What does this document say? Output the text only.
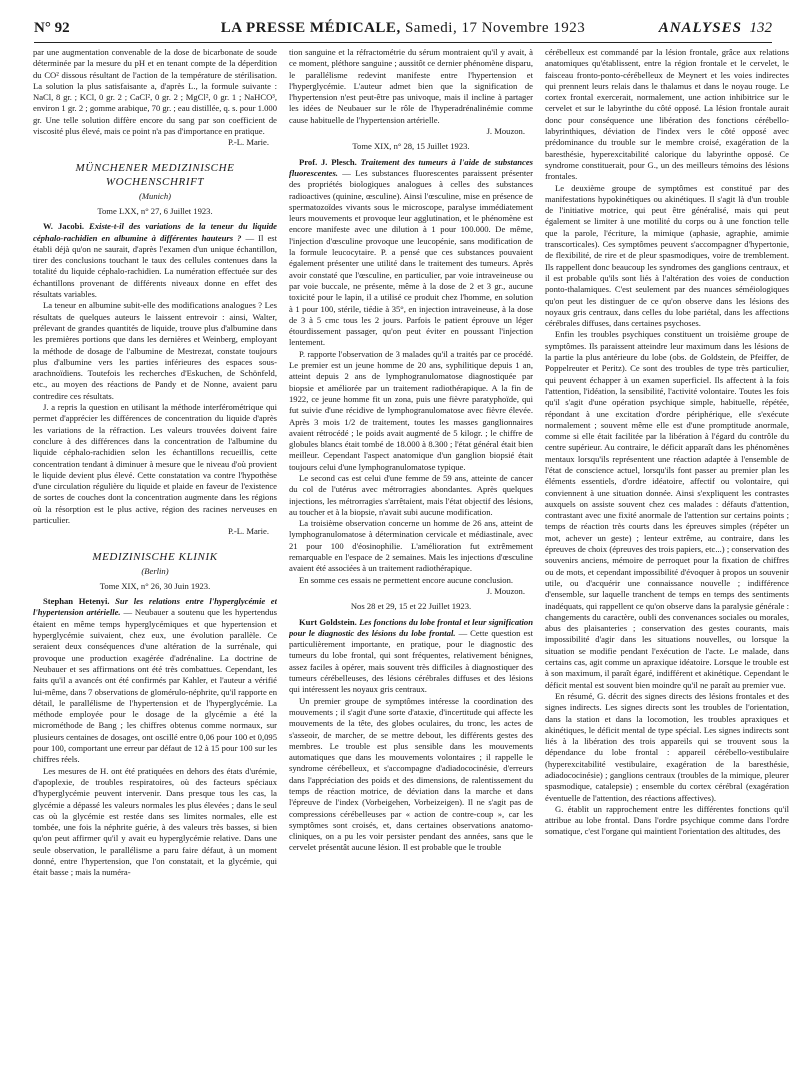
N° 92	LA PRESSE MÉDICALE, Samedi, 17 Novembre 1923	ANALYSES 132

par une augmentation convenable de la dose de bicarbonate de soude déterminée par la mesure du pH et en tenant compte de la déperdition du CO² dissous résultant de l'action de la température de stérilisation. La solution la plus satisfaisante a, d'après L., la formule suivante : NaCl, 8 gr. ; KCl, 0 gr. 2 ; CaCl², 0 gr. 2 ; MgCl², 0 gr. 1 ; NaHCO³, environ 1 gr. 2 ; gomme arabique, 70 gr. ; eau distillée, q. s. pour 1.000 gr. Une telle solution diffère encore du sang par son coefficient de viscosité plus élevé, mais ce point n'a pas d'importance en pratique.

P.-L. Marie.
MÜNCHENER MEDIZINISCHE WOCHENSCHRIFT
(Munich)
Tome LXX, n° 27, 6 Juillet 1923.

W. Jacobi. Existe-t-il des variations de la teneur du liquide céphalo-rachidien en albumine à différentes hauteurs ? — Il est établi déjà qu'on ne saurait, d'après l'examen d'un unique échantillon, tirer des conclusions touchant le taux des cellules contenues dans la totalité du liquide céphalo-rachidien. La numération effectuée sur des échantillons provenant de différents niveaux donne en effet des résultats variables.

La teneur en albumine subit-elle des modifications analogues ? Les résultats de quelques auteurs le laissent entrevoir : ainsi, Walter, prélevant de grandes quantités de liquide, trouve plus d'albumine dans les premières portions que dans les dernières et Weinberg, employant la méthode de dosage de l'albumine de Mestrezat, constate toujours plus d'albumine vers les parties inférieures des espaces sous-arachnoïdiens. Toutefois les recherches d'Eskuchen, de Schönfeld, etc., au moyen des réactions de Pandy et de Nonne, avaient paru contredire ces résultats.

J. a repris la question en utilisant la méthode interférométrique qui permet d'apprécier les différences de concentration du liquide d'après les variations de la réfraction. Les valeurs trouvées doivent faire conclure à des différences dans la concentration de l'albumine du liquide céphalo-rachidien selon les échantillons recueillis, cette concentration tendant à diminuer à mesure que le niveau d'où provient le liquide devient plus élevé. Cette constatation va contre l'hypothèse d'une circulation régulière du liquide et plaide en faveur de l'existence de sortes de couches dont la concentration augmente dans les régions où la résorption est le plus active, région des racines nerveuses en particulier.

P.-L. Marie.
MEDIZINISCHE KLINIK
(Berlin)
Tome XIX, n° 26, 30 Juin 1923.

Stephan Hetenyi. Sur les relations entre l'hyperglycémie et l'hypertension artérielle. — Neubauer a soutenu que les hypertendus étaient en même temps hyperglycémiques et que hypertension et hyperglycémie suivaient, chez eux, une évolution parallèle. Ce seraient deux conséquences d'une altération de la surrénale, qui provoque une production exagérée d'adrénaline. La doctrine de Neubauer et ses affirmations ont été très combattues. Cependant, les faits qu'il a avancés ont été confirmés par Kahler, et l'auteur a vérifié lui-même, dans 7 observations de glomérulo-néphrite, qu'il rapporte en détail, le parallélisme de l'hypertension et de l'hyperglycémie. La méthode employée pour le dosage de la glycémie a été la microméthode de Bang ; les chiffres obtenus comme normaux, sur plusieurs centaines de dosages, ont oscillé entre 0,06 pour 100 et 0,095 pour 100, comportant une erreur par défaut de 12 à 15 pour 100 sur les chiffres réels.

Les mesures de H. ont été pratiquées en dehors des états d'urémie, d'apoplexie, de troubles respiratoires, où des facteurs spéciaux d'hyperglycémie peuvent intervenir. Dans presque tous les cas, la glycémie a dépassé les valeurs normales les plus élevées ; dans le seul cas où la glycémie est restée dans ses limites normales, elle est tombée, une fois la néphrite guérie, à des valeurs très basses, si bien qu'on peut affirmer qu'il y avait eu hyperglycémie relative. Dans une seule observation, le parallélisme a paru faire défaut, à un moment donné, entre l'hypertension, que l'on constatait, et la glycémie, qui était basse ; mais la numéra-

tion sanguine et la réfractométrie du sérum montraient qu'il y avait, à ce moment, pléthore sanguine ; aussitôt ce dernier phénomène disparu, le parallélisme redevint manifeste entre l'hypertension et l'hyperglycémie. L'auteur admet bien que la signification de l'hypertension n'est peut-être pas univoque, mais il incline à partager les idées de Neubauer sur le rôle de l'hyperadrénalinémie comme cause habituelle de l'hypertension artérielle.

J. Mouzon.
Tome XIX, n° 28, 15 Juillet 1923.

Prof. J. Plesch. Traitement des tumeurs à l'aide de substances fluorescentes. — Les substances fluorescentes paraissent présenter des propriétés biologiques analogues à celles des substances radioactives (quinine, œsculine). Ainsi l'œsculine, mise en présence de spermatozoïdes vivants sous le microscope, paralyse immédiatement leurs mouvements et provoque leur agglutination, et le phénomène est encore manifeste avec une dilution à 1 pour 100.000. De même, l'injection d'œsculine provoque une leucopénie, sans modification de la formule leucocytaire. P. a pensé que ces substances pouvaient également présenter une utilité dans le traitement des tumeurs. Après avoir constaté que l'œsculine, en particulier, par voie intraveineuse ou par voie buccale, ne présente, même à la dose de 2 et 3 gr., aucune toxicité pour le lapin, il a utilisé ce produit chez l'homme, en solution à 1 pour 100, stérile, tiédie à 35°, en injection intraveineuse, à la dose de 3 à 5 cmc tous les 2 jours. Parfois le patient éprouve un léger étourdissement passager, qu'on peut éviter en poussant l'injection lentement.

P. rapporte l'observation de 3 malades qu'il a traités par ce procédé. Le premier est un jeune homme de 20 ans, syphilitique depuis 1 an, atteint depuis 2 ans de lymphogranulomatose diagnostiquée par biopsie et améliorée par un traitement radiothérapique. A la fin de 1922, ce jeune homme fit un zona, puis une fièvre paratyphoïde, qui fut suivie d'une récidive de lymphogranulomatose avec fièvre élevée. Après 3 mois 1/2 de traitement, toutes les masses ganglionnaires avaient rétrocédé ; le poids avait augmenté de 5 kilogr. ; le chiffre de globules blancs était tombé de 18.000 à 8.300 ; l'état général était bien meilleur. Cependant l'aspect anatomique d'un ganglion biopsié était toujours celui d'une lymphogranulomatose typique.

Le second cas est celui d'une femme de 59 ans, atteinte de cancer du col de l'utérus avec métrorragies abondantes. Après quelques injections, les métrorragies s'arrêtaient, mais l'état objectif des lésions, au toucher et à la biopsie, n'avait subi aucune modification.

La troisième observation concerne un homme de 26 ans, atteint de lymphogranulomatose à détermination cervicale et médiastinale, avec 21 pour 100 d'éosinophilie. L'amélioration fut extrêmement remarquable en l'espace de 2 semaines. Mais les injections d'œsculine avaient été associées à un traitement radiothérapique.

En somme ces essais ne permettent encore aucune conclusion.

J. Mouzon.
Nos 28 et 29, 15 et 22 Juillet 1923.

Kurt Goldstein. Les fonctions du lobe frontal et leur signification pour le diagnostic des lésions du lobe frontal. — Cette question est particulièrement importante, en pratique, pour le diagnostic des tumeurs du lobe frontal, qui sont fréquentes, relativement bénignes, assez faciles à opérer, mais souvent très difficiles à diagnostiquer des tumeurs cérébelleuses, des lésions cérébrales diffuses et des lésions qui intéressent les noyaux gris centraux.

Un premier groupe de symptômes intéresse la coordination des mouvements ; il s'agit d'une sorte d'ataxie, d'incertitude qui affecte les mouvements de la tête, des globes oculaires, du tronc, les actes de s'asseoir, de marcher, de se mettre debout, les différents gestes des membres. Le trouble est plus sensible dans les mouvements automatiques que dans les mouvements volontaires ; il rappelle le syndrome cérébelleux, et s'accompagne d'adiadococinésie, d'erreurs dans l'appréciation des poids et des dimensions, de ralentissement du temps de réaction motrice, de déviation dans la marche et dans l'épreuve de l'index (Vorbeigehen, Vorbeizeigen). Il ne s'agit pas de compressions cérébelleuses par « action de contre-coup », car les symptômes sont croisés, et, dans certaines observations anatomo-cliniques, on a pu les voir persister pendant des années, sans que le cervelet présentât aucune lésion. Il est probable que le trouble

cérébelleux est commandé par la lésion frontale, grâce aux relations anatomiques qu'établissent, entre la région frontale et le cervelet, le faisceau fronto-ponto-cérébelleux de Meynert et les voies indirectes qui prennent leurs relais dans le thalamus et dans le noyau rouge. Le cortex frontal exercerait, normalement, une action inhibitrice sur le cervelet et sur le labyrinthe du côté opposé. La lésion frontale aurait donc pour conséquence une libération des fonctions cérébello-labyrinthiques, déviation de l'index vers le côté opposé avec prédominance du trouble sur le membre croisé, exagération de la baresthésie, hyperexcitabilité calorique du labyrinthe opposé. Ce syndrome constituerait, pour G., un des meilleurs témoins des lésions frontales.

Le deuxième groupe de symptômes est constitué par des manifestations hypokinétiques ou akinétiques. Il s'agit là d'un trouble de l'initiative motrice, qui peut être généralisé, mais qui peut également se limiter à une motilité du corps ou à une fonction telle que la parole, l'écriture, la mimique (aphasie, agraphie, amimie transcorticales). Ces symptômes peuvent s'accompagner d'hypertonie, de flexibilité, de rire et de pleur spasmodiques, voire de tremblement. Ils rappellent donc beaucoup les syndromes des ganglions centraux, et il est probable qu'ils sont liés à l'altération des voies de conduction ponto-thalamiques. C'est seulement par des nuances séméiologiques qu'on peut les distinguer de ce qu'on observe dans les lésions des noyaux gris centraux, dans celles du lobe pariétal, dans les affections cérébrales diffuses, dans certaines psychoses.

Enfin les troubles psychiques constituent un troisième groupe de symptômes. Ils paraissent atteindre leur maximum dans les lésions de la partie la plus antérieure du lobe (obs. de Goldstein, de Pfeiffer, de Poppelreuter et Peritz). Ce sont des troubles de type très particulier, qui peuvent échapper à un examen superficiel. Ils affectent à la fois l'attention, l'idéation, la sensibilité, l'activité volontaire. Toutes les fois qu'il s'agit d'une opération psychique simple, habituelle, répétée, répondant à une excitation d'ordre périphérique, elle s'exécute normalement ; souvent même elle est d'une promptitude anormale, comme si elle était facilitée par la libération à l'égard du contrôle du centre supérieur. Au contraire, le déficit apparaît dans les phénomènes mentaux lorsqu'ils représentent une réaction adaptée à l'ensemble de l'état de conscience actuel, lorsqu'ils font passer au premier plan les éléments essentiels, d'ordre idéatoire, affectif ou volontaire, qui conviennent à une situation donnée. Ainsi s'expliquent les contrastes auxquels on assiste souvent chez ces malades : défauts d'attention, contrastant avec une fixité anormale de l'attention sur certains points ; temps de réaction très courts dans les épreuves simples (répéter un mot, achever un geste) ; lenteur extrême, au contraire, dans les épreuves de choix (épreuves des trois papiers, etc...) ; conservation des souvenirs anciens, mémoire de perroquet pour la fixation de chiffres ou de mots, et cependant impossibilité d'évoquer à propos un souvenir utile, ou d'acquérir une connaissance nouvelle ; indifférence d'ensemble, sur laquelle tranchent de temps en temps des sentiments inadéquats, qui rappellent ce qu'on observe dans la paralysie générale : changements du caractère, oubli des convenances sociales ou morales, abus des plaisanteries ; conservation des gestes courants, mais impossibilité d'agir dans les situations nouvelles, ou lorsque la situation se modifie pendant l'exécution de l'acte. Le malade, dans certains cas, agit comme un apraxique idéatoire. Lorsque le trouble est à son maximum, il paraît égaré, indifférent et akinétique. Cependant le déficit mental est souvent bien moindre qu'il ne paraît au premier vue.

En résumé, G. décrit des signes directs des lésions frontales et des signes indirects. Les signes directs sont les troubles de l'orientation, dans la station et dans la locomotion, les troubles apraxiques et akinétiques, le déficit mental de type spécial. Les signes indirects sont liés à la libération des trois appareils qui se trouvent sous la dépendance du lobe frontal : appareil cérébello-vestibulaire (hyperexcitabilité vestibulaire, exagération de la baresthésie, adiadococinésie) ; ganglions centraux (troubles de la mimique, pleurer spasmodique, catalepsie) ; ensemble du cortex cérébral (exagération éventuelle de l'attention, des réactions affectives).

G. établit un rapprochement entre les différentes fonctions qu'il attribue au lobe frontal. Dans l'ordre psychique comme dans l'ordre somatique, c'est l'organe qui maintient l'orientation des altitudes, des
